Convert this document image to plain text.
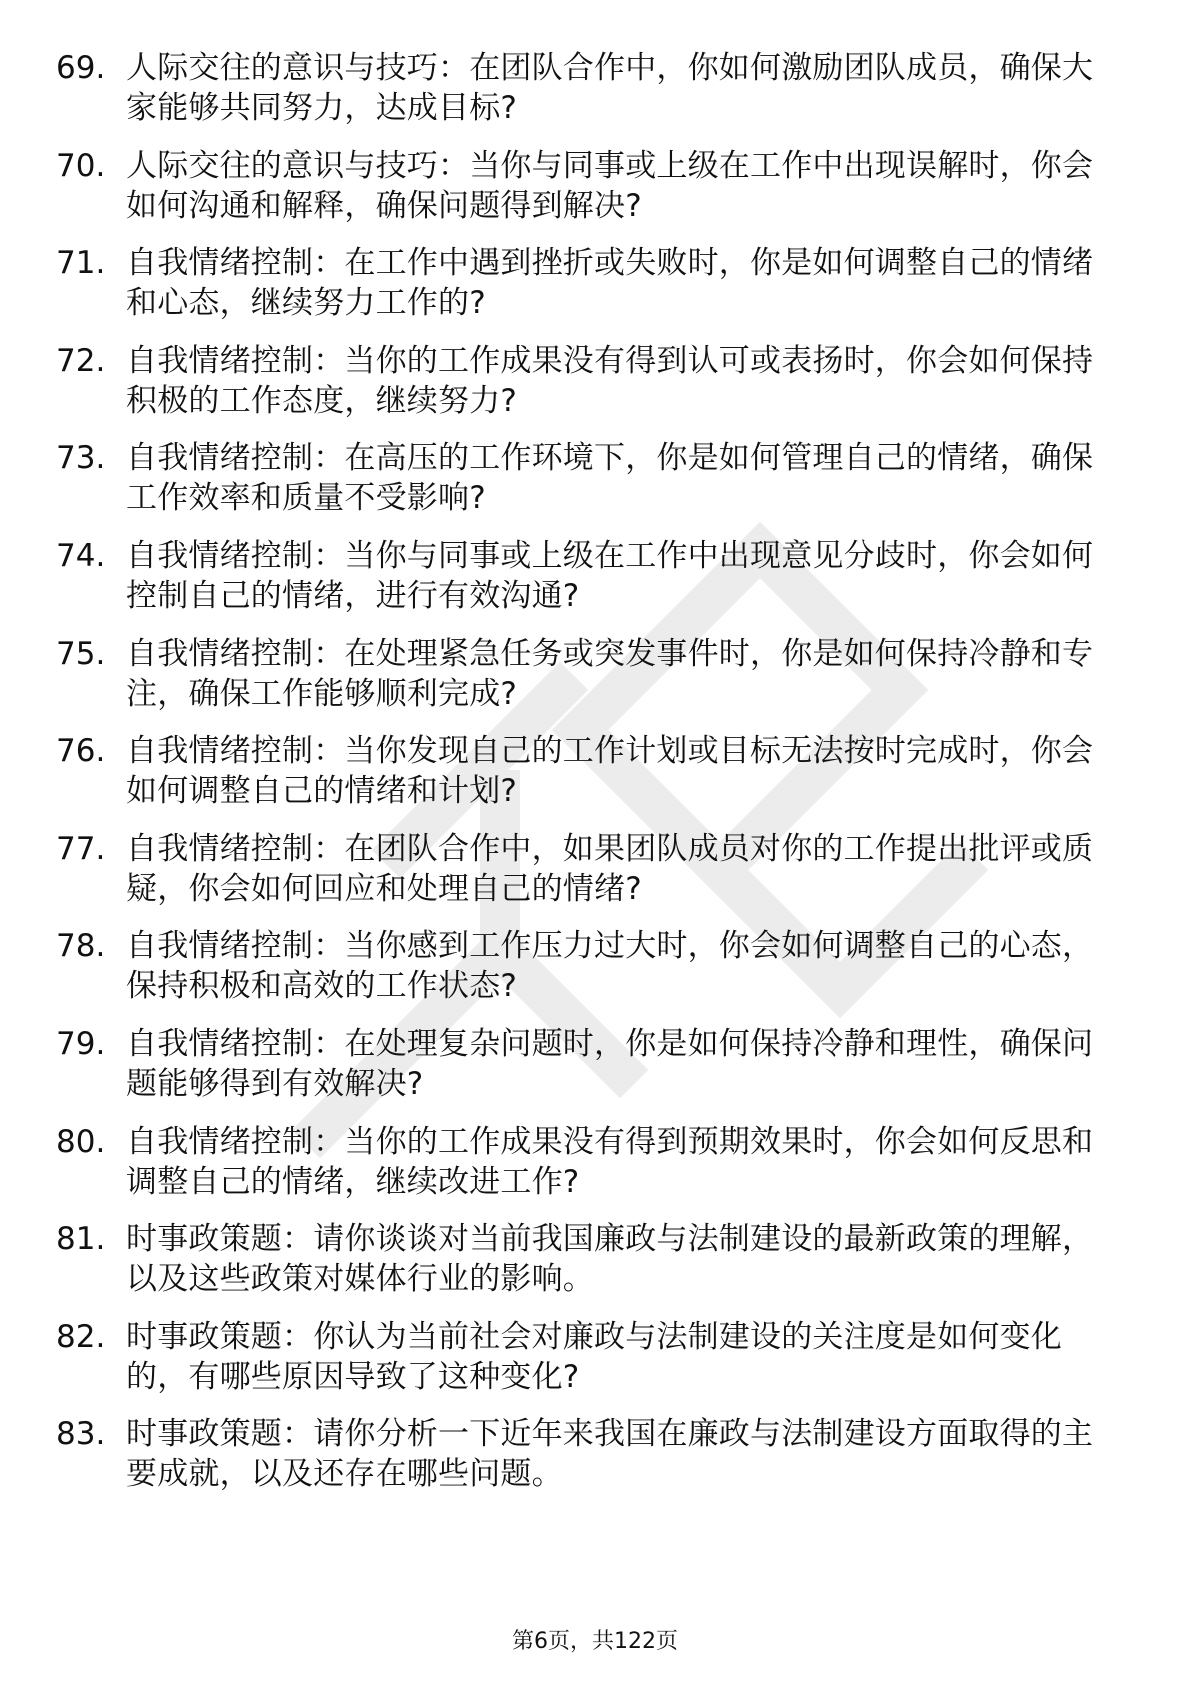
69. 人际交往的意识与技巧：在团队合作中，你如何激励团队成员，确保大家能够共同努力，达成目标?
70. 人际交往的意识与技巧：当你与同事或上级在工作中出现误解时，你会如何沟通和解释，确保问题得到解决?
71. 自我情绪控制：在工作中遇到挫折或失败时，你是如何调整自己的情绪和心态，继续努力工作的?
72. 自我情绪控制：当你的工作成果没有得到认可或表扬时，你会如何保持积极的工作态度，继续努力?
73. 自我情绪控制：在高压的工作环境下，你是如何管理自己的情绪，确保工作效率和质量不受影响?
74. 自我情绪控制：当你与同事或上级在工作中出现意见分歧时，你会如何控制自己的情绪，进行有效沟通?
75. 自我情绪控制：在处理紧急任务或突发事件时，你是如何保持冷静和专注，确保工作能够顺利完成?
76. 自我情绪控制：当你发现自己的工作计划或目标无法按时完成时，你会如何调整自己的情绪和计划?
77. 自我情绪控制：在团队合作中，如果团队成员对你的工作提出批评或质疑，你会如何回应和处理自己的情绪?
78. 自我情绪控制：当你感到工作压力过大时，你会如何调整自己的心态，保持积极和高效的工作状态?
79. 自我情绪控制：在处理复杂问题时，你是如何保持冷静和理性，确保问题能够得到有效解决?
80. 自我情绪控制：当你的工作成果没有得到预期效果时，你会如何反思和调整自己的情绪，继续改进工作?
81. 时事政策题：请你谈谈对当前我国廉政与法制建设的最新政策的理解，以及这些政策对媒体行业的影响。
82. 时事政策题：你认为当前社会对廉政与法制建设的关注度是如何变化的，有哪些原因导致了这种变化?
83. 时事政策题：请你分析一下近年来我国在廉政与法制建设方面取得的主要成就，以及还存在哪些问题。
第6页，共122页
